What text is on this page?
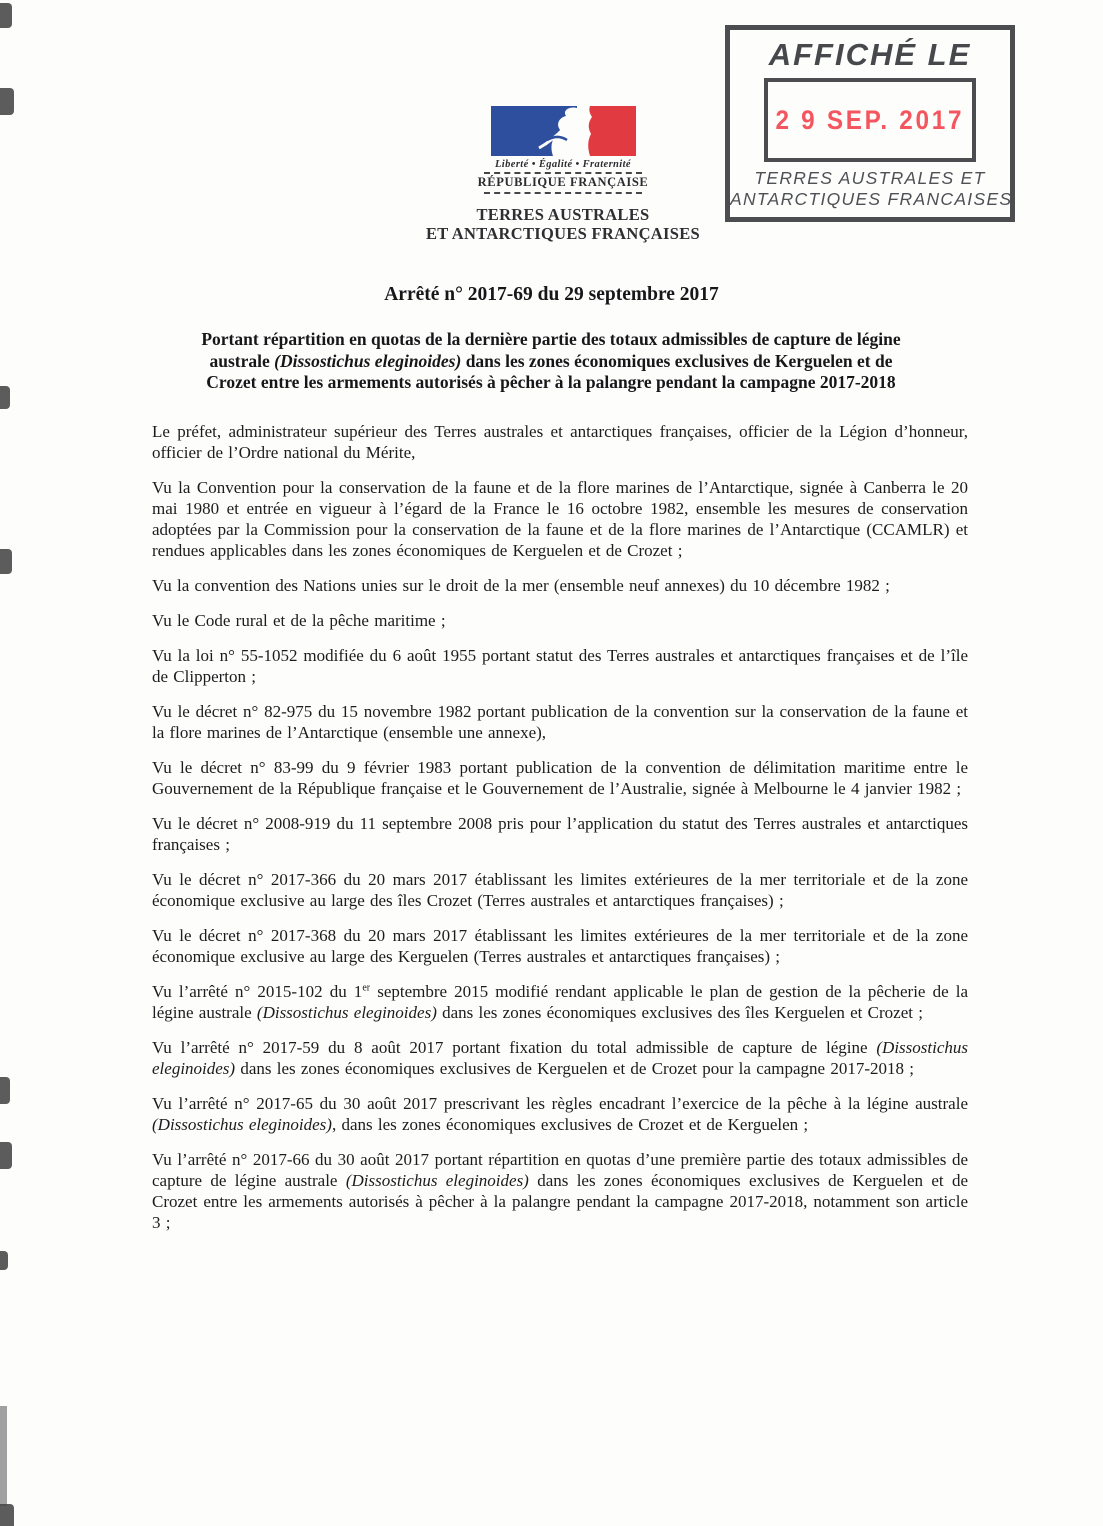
Liberté • Égalité • Fraternité
RÉPUBLIQUE FRANÇAISE
TERRES AUSTRALES
ET ANTARCTIQUES FRANÇAISES
AFFICHÉ LE
2 9 SEP. 2017
TERRES AUSTRALES ET
ANTARCTIQUES FRANCAISES
Arrêté n° 2017-69 du 29 septembre 2017
Portant répartition en quotas de la dernière partie des totaux admissibles de capture de légine
australe (Dissostichus eleginoides) dans les zones économiques exclusives de Kerguelen et de
Crozet entre les armements autorisés à pêcher à la palangre pendant la campagne 2017-2018

Le préfet, administrateur supérieur des Terres australes et antarctiques françaises, officier de la Légion d’honneur, officier de l’Ordre national du Mérite,

Vu la Convention pour la conservation de la faune et de la flore marines de l’Antarctique, signée à Canberra le 20 mai 1980 et entrée en vigueur à l’égard de la France le 16 octobre 1982, ensemble les mesures de conservation adoptées par la Commission pour la conservation de la faune et de la flore marines de l’Antarctique (CCAMLR) et rendues applicables dans les zones économiques de Kerguelen et de Crozet ;

Vu la convention des Nations unies sur le droit de la mer (ensemble neuf annexes) du 10 décembre 1982 ;

Vu le Code rural et de la pêche maritime ;

Vu la loi n° 55-1052 modifiée du 6 août 1955 portant statut des Terres australes et antarctiques françaises et de l’île de Clipperton ;

Vu le décret n° 82-975 du 15 novembre 1982 portant publication de la convention sur la conservation de la faune et la flore marines de l’Antarctique (ensemble une annexe),

Vu le décret n° 83-99 du 9 février 1983 portant publication de la convention de délimitation maritime entre le Gouvernement de la République française et le Gouvernement de l’Australie, signée à Melbourne le 4 janvier 1982 ;

Vu le décret n° 2008-919 du 11 septembre 2008 pris pour l’application du statut des Terres australes et antarctiques françaises ;

Vu le décret n° 2017-366 du 20 mars 2017 établissant les limites extérieures de la mer territoriale et de la zone économique exclusive au large des îles Crozet (Terres australes et antarctiques françaises) ;

Vu le décret n° 2017-368 du 20 mars 2017 établissant les limites extérieures de la mer territoriale et de la zone économique exclusive au large des Kerguelen (Terres australes et antarctiques françaises) ;

Vu l’arrêté n° 2015-102 du 1er septembre 2015 modifié rendant applicable le plan de gestion de la pêcherie de la légine australe (Dissostichus eleginoides) dans les zones économiques exclusives des îles Kerguelen et Crozet ;

Vu l’arrêté n° 2017-59 du 8 août 2017 portant fixation du total admissible de capture de légine (Dissostichus eleginoides) dans les zones économiques exclusives de Kerguelen et de Crozet pour la campagne 2017-2018 ;

Vu l’arrêté n° 2017-65 du 30 août 2017 prescrivant les règles encadrant l’exercice de la pêche à la légine australe (Dissostichus eleginoides), dans les zones économiques exclusives de Crozet et de Kerguelen ;

Vu l’arrêté n° 2017-66 du 30 août 2017 portant répartition en quotas d’une première partie des totaux admissibles de capture de légine australe (Dissostichus eleginoides) dans les zones économiques exclusives de Kerguelen et de Crozet entre les armements autorisés à pêcher à la palangre pendant la campagne 2017-2018, notamment son article 3 ;
